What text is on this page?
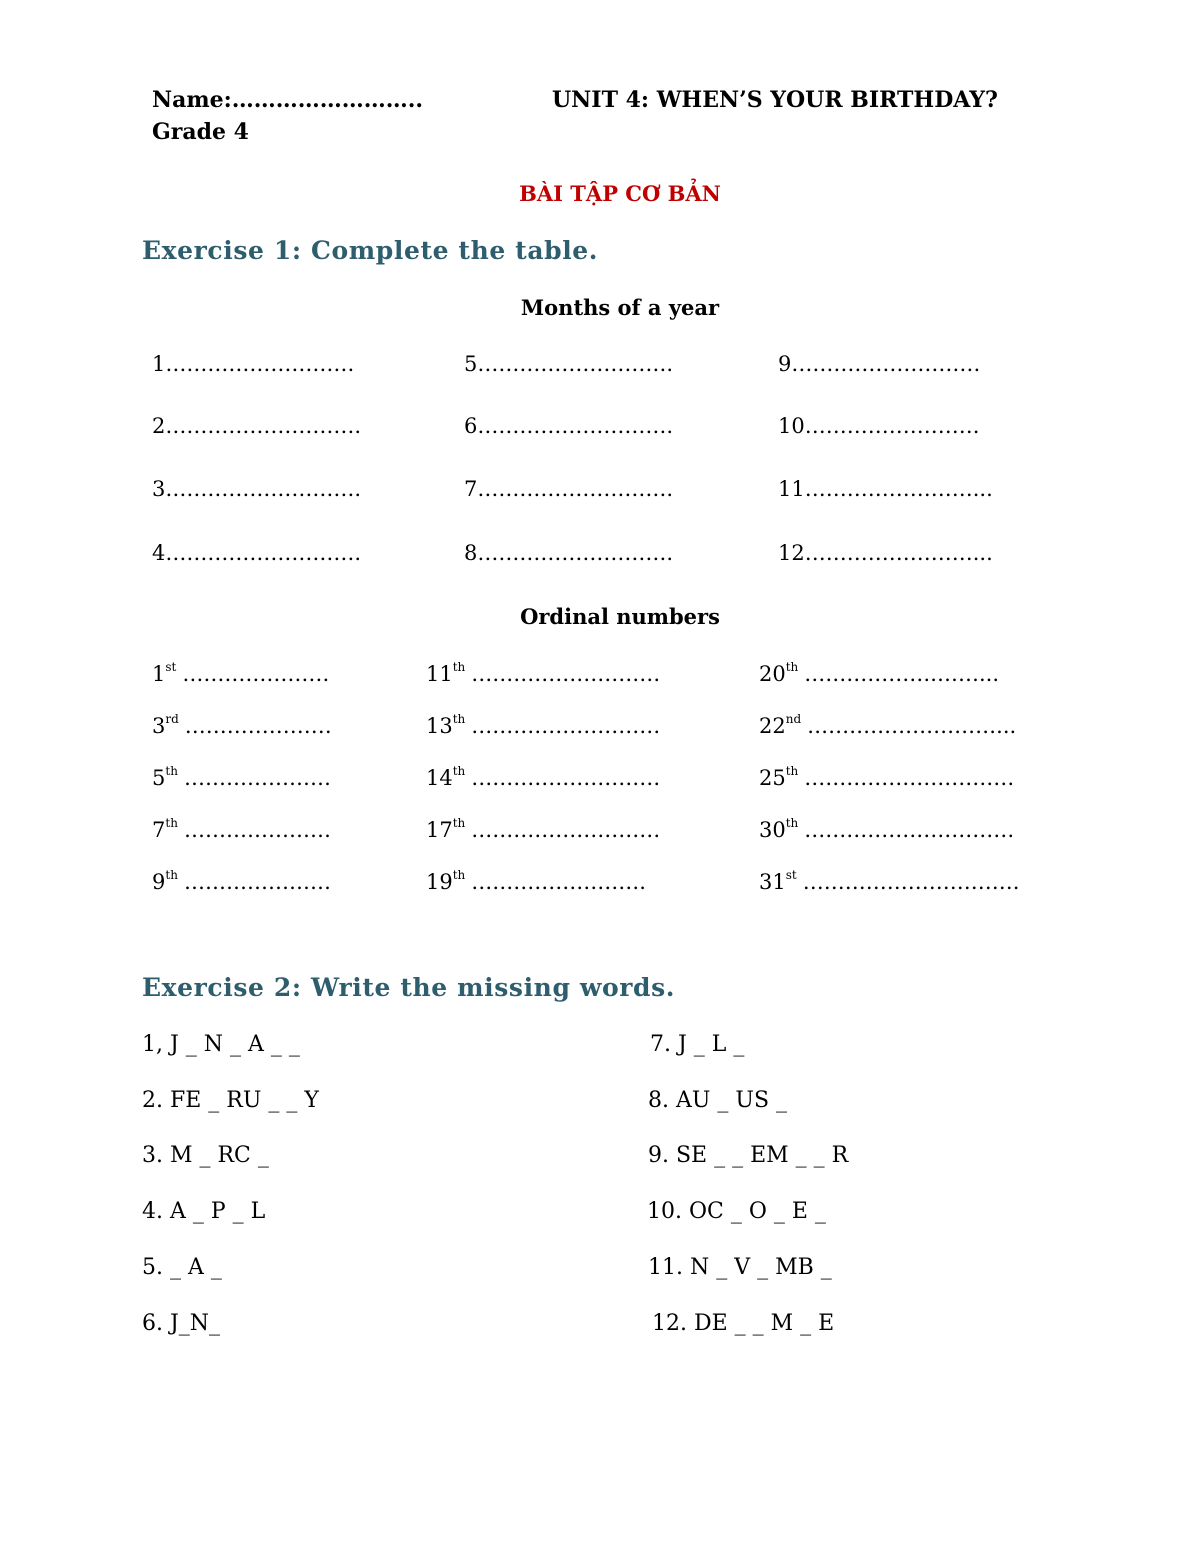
Name:……………………..	UNIT 4: WHEN’S YOUR BIRTHDAY?
Grade 4
BÀI TẬP CƠ BẢN
Exercise 1: Complete the table.
Months of a year
1………………………	5……………………….	9………………………
2……………………….	6……………………….	10…………………….
3……………………….	7……………………….	11……………………...
4……………………….	8……………………….	12……………………...
Ordinal numbers
1st …………………	11th ………………………	20th ……………….……...
3rd …………………	13th ………………………	22nd ………………………...
5th …………………	14th ………………………	25th …………………………
7th …………………	17th ………………………	30th …………………………
9th …………………	19th …………………….	31st ………………………….
Exercise 2: Write the missing words.
1, J _ N _ A _ _
2. FE _ RU _ _ Y
3. M _ RC _
4. A _ P _ L
5. _ A _
6. J_N_
7. J _ L _
8. AU _ US _
9. SE _ _ EM _ _ R
10. OC _ O _ E _
11. N _ V _ MB _
12. DE _ _ M _ E
